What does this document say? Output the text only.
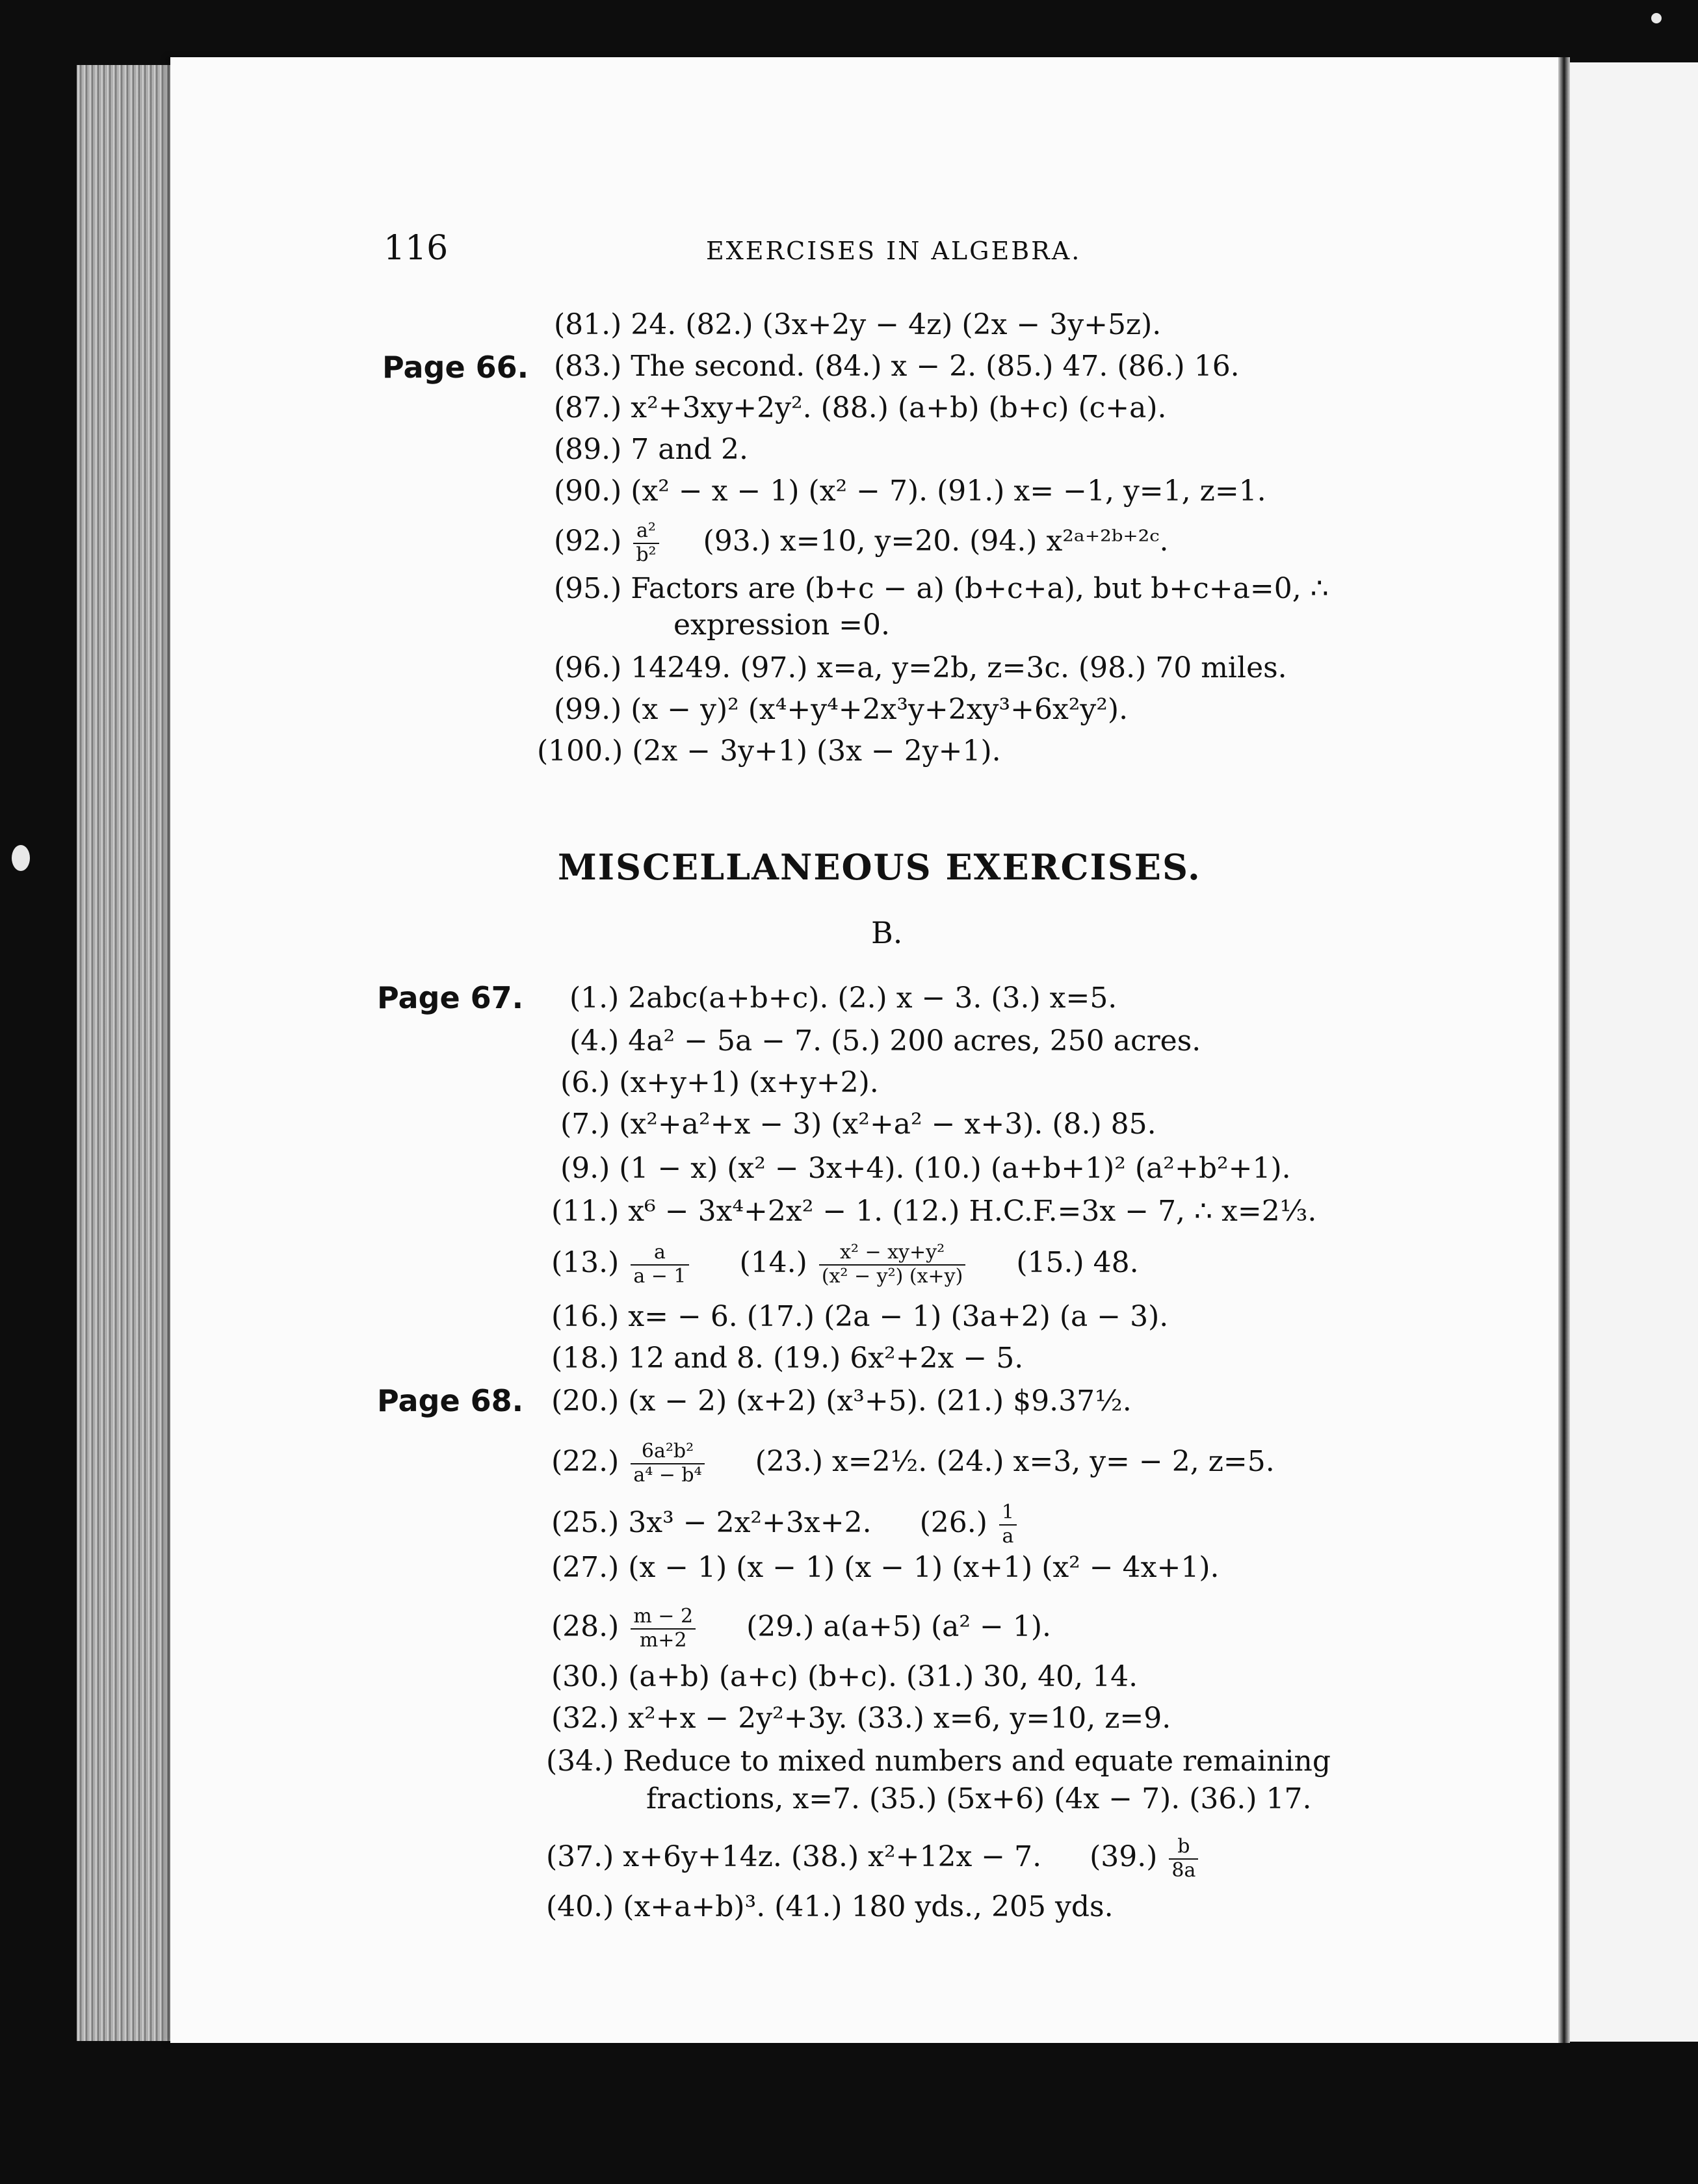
116	EXERCISES IN ALGEBRA.
(81.) 24. (82.) (3x+2y − 4z) (2x − 3y+5z).
Page 66. (83.) The second. (84.) x − 2. (85.) 47. (86.) 16.
(87.) x²+3xy+2y². (88.) (a+b) (b+c) (c+a).
(89.) 7 and 2.
(90.) (x² − x − 1) (x² − 7). (91.) x= −1, y=1, z=1.
$(92.) \frac{\text{a²}}{\text{b²}} (93.)$ x=10, y=20. (94.) x²ᵃ⁺²ᵇ⁺²ᶜ.
(95.) Factors are (b+c − a) (b+c+a), but b+c+a=0, ∴
expression =0.
(96.) 14249. (97.) x=a, y=2b, z=3c. (98.) 70 miles.
(99.) (x − y)² (x⁴+y⁴+2x³y+2xy³+6x²y²).
(100.) (2x − 3y+1) (3x − 2y+1).
MISCELLANEOUS EXERCISES.
B.
Page 67. (1.) 2abc(a+b+c). (2.) x − 3. (3.) x=5.
(4.) 4a² − 5a − 7. (5.) 200 acres, 250 acres.
(6.) (x+y+1) (x+y+2).
(7.) (x²+a²+x − 3) (x²+a² − x+3). (8.) 85.
(9.) (1 − x) (x² − 3x+4). (10.) (a+b+1)² (a²+b²+1).
(11.) x⁶ − 3x⁴+2x² − 1. (12.) H.C.F.=3x − 7, ∴ x=2⅓.
$(13.) \frac{a}{a - 1} (14.) \frac{\text{x² − xy+y²}}{\text{(x² − y²) (x+y)}} (15.)$ 48.
(16.) x= − 6. (17.) (2a − 1) (3a+2) (a − 3).
(18.) 12 and 8. (19.) 6x²+2x − 5.
Page 68. (20.) (x − 2) (x+2) (x³+5). (21.) $9.37½.
$(22.) \frac{\text{6a²b²}}{\text{a⁴ − b⁴}} (23.)$ x=2½. (24.) x=3, y= − 2, z=5.
(25.) 3x³ − 2x²+3x+2. $(26.) \frac{1}{a}$
(27.) (x − 1) (x − 1) (x − 1) (x+1) (x² − 4x+1).
$(28.) \frac{m - 2}{m+2} (29.)$ a(a+5) (a² − 1).
(30.) (a+b) (a+c) (b+c). (31.) 30, 40, 14.
(32.) x²+x − 2y²+3y. (33.) x=6, y=10, z=9.
(34.) Reduce to mixed numbers and equate remaining
fractions, x=7. (35.) (5x+6) (4x − 7). (36.) 17.
(37.) x+6y+14z. (38.) x²+12x − 7. $(39.) \frac{b}{8a}$
(40.) (x+a+b)³. (41.) 180 yds., 205 yds.
